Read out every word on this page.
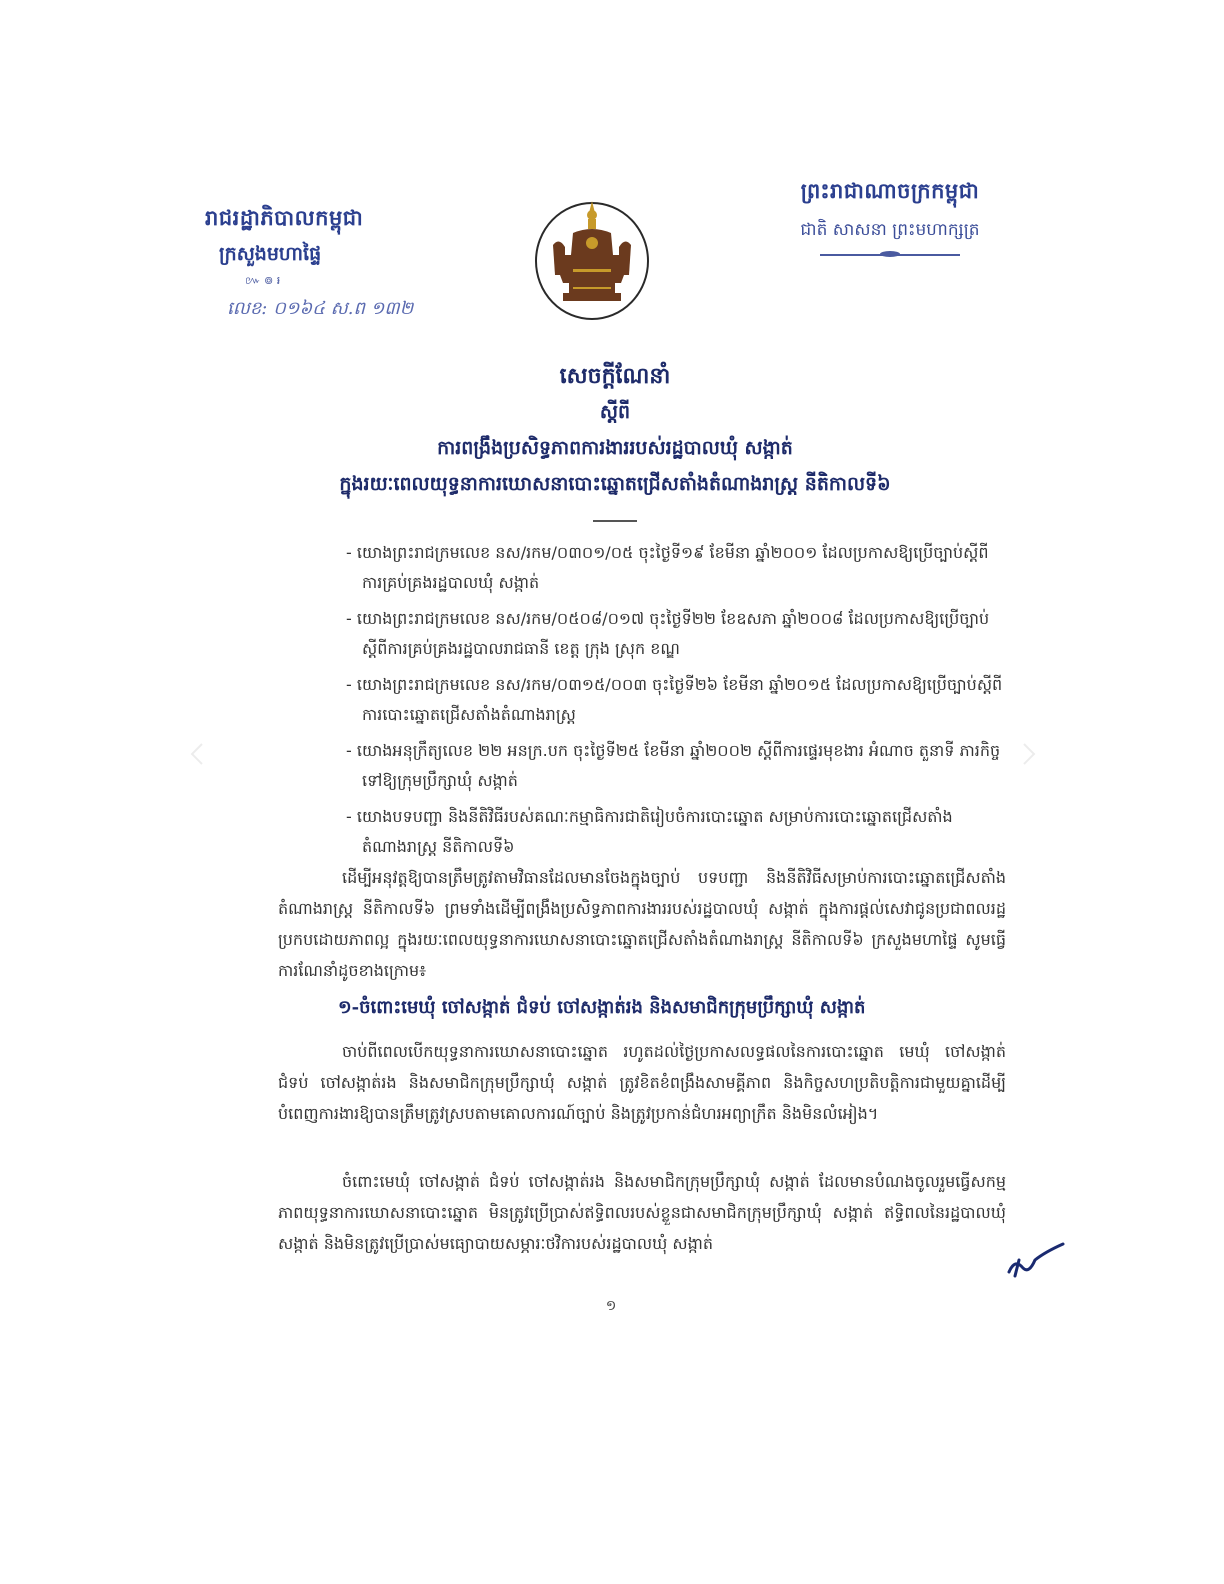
រាជរដ្ឋាភិបាលកម្ពុជា
ក្រសួងមហាផ្ទៃ
៚ ៙ ៛
លេខ: ០១៦៤ ស.ព ១៣២
ព្រះរាជាណាចក្រកម្ពុជា
ជាតិ សាសនា ព្រះមហាក្សត្រ
សេចក្ដីណែនាំ
ស្ដីពី
ការពង្រឹងប្រសិទ្ធភាពការងាររបស់រដ្ឋបាលឃុំ សង្កាត់
ក្នុងរយៈពេលយុទ្ធនាការឃោសនាបោះឆ្នោតជ្រើសតាំងតំណាងរាស្ត្រ នីតិកាលទី៦
- យោងព្រះរាជក្រមលេខ នស/រកម/០៣០១/០៥ ចុះថ្ងៃទី១៩ ខែមីនា ឆ្នាំ២០០១ ដែលប្រកាសឱ្យប្រើច្បាប់ស្ដីពីការគ្រប់គ្រងរដ្ឋបាលឃុំ សង្កាត់
- យោងព្រះរាជក្រមលេខ នស/រកម/០៥០៨/០១៧ ចុះថ្ងៃទី២២ ខែឧសភា ឆ្នាំ២០០៨ ដែលប្រកាសឱ្យប្រើច្បាប់ស្ដីពីការគ្រប់គ្រងរដ្ឋបាលរាជធានី ខេត្ត ក្រុង ស្រុក ខណ្ឌ
- យោងព្រះរាជក្រមលេខ នស/រកម/០៣១៥/០០៣ ចុះថ្ងៃទី២៦ ខែមីនា ឆ្នាំ២០១៥ ដែលប្រកាសឱ្យប្រើច្បាប់ស្ដីពីការបោះឆ្នោតជ្រើសតាំងតំណាងរាស្ត្រ
- យោងអនុក្រឹត្យលេខ ២២ អនក្រ.បក ចុះថ្ងៃទី២៥ ខែមីនា ឆ្នាំ២០០២ ស្ដីពីការផ្ទេរមុខងារ អំណាច តួនាទី ភារកិច្ច ទៅឱ្យក្រុមប្រឹក្សាឃុំ សង្កាត់
- យោងបទបញ្ជា និងនីតិវិធីរបស់គណៈកម្មាធិការជាតិរៀបចំការបោះឆ្នោត សម្រាប់ការបោះឆ្នោតជ្រើសតាំងតំណាងរាស្ត្រ នីតិកាលទី៦
ដើម្បីអនុវត្តឱ្យបានត្រឹមត្រូវតាមវិធានដែលមានចែងក្នុងច្បាប់ បទបញ្ជា និងនីតិវិធីសម្រាប់ការបោះឆ្នោតជ្រើសតាំងតំណាងរាស្ត្រ នីតិកាលទី៦ ព្រមទាំងដើម្បីពង្រឹងប្រសិទ្ធភាពការងាររបស់រដ្ឋបាលឃុំ សង្កាត់ ក្នុងការផ្ដល់សេវាជូនប្រជាពលរដ្ឋប្រកបដោយភាពល្អ ក្នុងរយៈពេលយុទ្ធនាការឃោសនាបោះឆ្នោតជ្រើសតាំងតំណាងរាស្ត្រ នីតិកាលទី៦ ក្រសួងមហាផ្ទៃ សូមធ្វើការណែនាំដូចខាងក្រោម៖
១-ចំពោះមេឃុំ ចៅសង្កាត់ ជំទប់ ចៅសង្កាត់រង និងសមាជិកក្រុមប្រឹក្សាឃុំ សង្កាត់
ចាប់ពីពេលបើកយុទ្ធនាការឃោសនាបោះឆ្នោត រហូតដល់ថ្ងៃប្រកាសលទ្ធផលនៃការបោះឆ្នោត មេឃុំ ចៅសង្កាត់ ជំទប់ ចៅសង្កាត់រង និងសមាជិកក្រុមប្រឹក្សាឃុំ សង្កាត់ ត្រូវខិតខំពង្រឹងសាមគ្គីភាព និងកិច្ចសហប្រតិបត្តិការជាមួយគ្នាដើម្បីបំពេញការងារឱ្យបានត្រឹមត្រូវស្របតាមគោលការណ៍ច្បាប់ និងត្រូវប្រកាន់ជំហរអព្យាក្រឹត និងមិនលំអៀង។
ចំពោះមេឃុំ ចៅសង្កាត់ ជំទប់ ចៅសង្កាត់រង និងសមាជិកក្រុមប្រឹក្សាឃុំ សង្កាត់ ដែលមានបំណងចូលរួមធ្វើសកម្មភាពយុទ្ធនាការឃោសនាបោះឆ្នោត មិនត្រូវប្រើប្រាស់ឥទ្ធិពលរបស់ខ្លួនជាសមាជិកក្រុមប្រឹក្សាឃុំ សង្កាត់ ឥទ្ធិពលនៃរដ្ឋបាលឃុំ សង្កាត់ និងមិនត្រូវប្រើប្រាស់មធ្យោបាយសម្ភារៈថវិការបស់រដ្ឋបាលឃុំ សង្កាត់
១
